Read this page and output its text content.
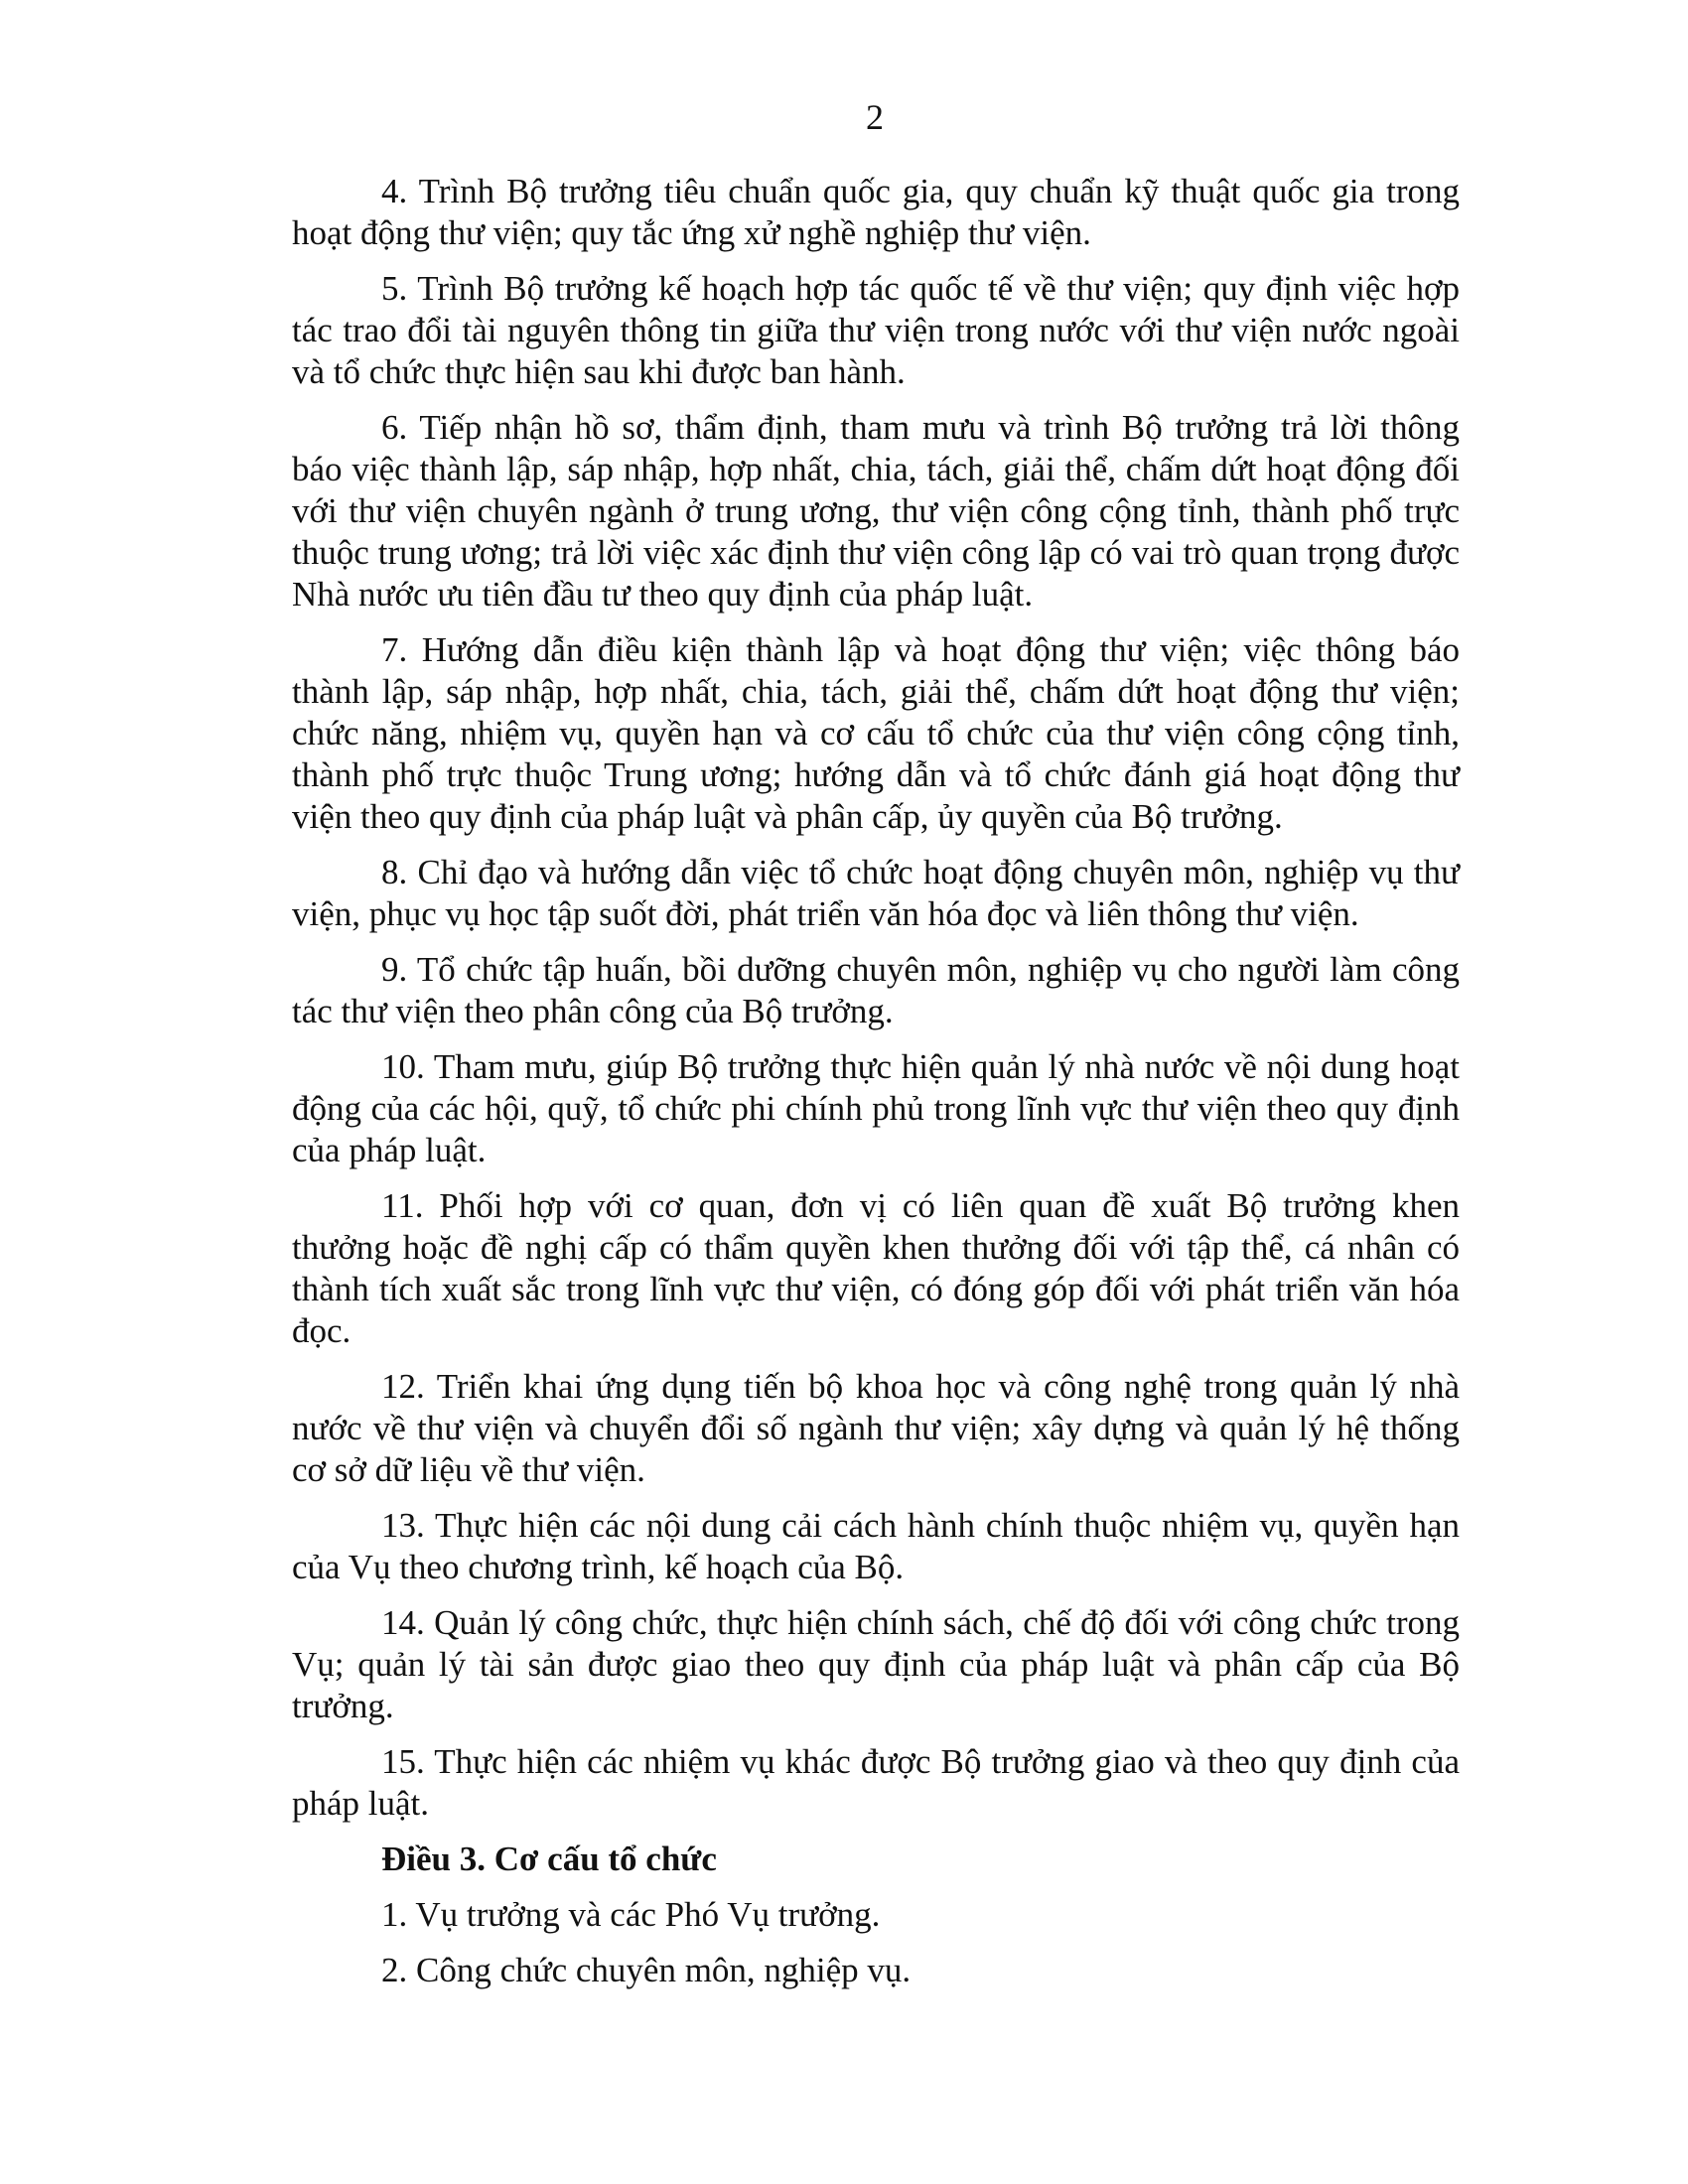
2

4. Trình Bộ trưởng tiêu chuẩn quốc gia, quy chuẩn kỹ thuật quốc gia trong hoạt động thư viện; quy tắc ứng xử nghề nghiệp thư viện.

5. Trình Bộ trưởng kế hoạch hợp tác quốc tế về thư viện; quy định việc hợp tác trao đổi tài nguyên thông tin giữa thư viện trong nước với thư viện nước ngoài và tổ chức thực hiện sau khi được ban hành.

6. Tiếp nhận hồ sơ, thẩm định, tham mưu và trình Bộ trưởng trả lời thông báo việc thành lập, sáp nhập, hợp nhất, chia, tách, giải thể, chấm dứt hoạt động đối với thư viện chuyên ngành ở trung ương, thư viện công cộng tỉnh, thành phố trực thuộc trung ương; trả lời việc xác định thư viện công lập có vai trò quan trọng được Nhà nước ưu tiên đầu tư theo quy định của pháp luật.

7. Hướng dẫn điều kiện thành lập và hoạt động thư viện; việc thông báo thành lập, sáp nhập, hợp nhất, chia, tách, giải thể, chấm dứt hoạt động thư viện; chức năng, nhiệm vụ, quyền hạn và cơ cấu tổ chức của thư viện công cộng tỉnh, thành phố trực thuộc Trung ương; hướng dẫn và tổ chức đánh giá hoạt động thư viện theo quy định của pháp luật và phân cấp, ủy quyền của Bộ trưởng.

8. Chỉ đạo và hướng dẫn việc tổ chức hoạt động chuyên môn, nghiệp vụ thư viện, phục vụ học tập suốt đời, phát triển văn hóa đọc và liên thông thư viện.

9. Tổ chức tập huấn, bồi dưỡng chuyên môn, nghiệp vụ cho người làm công tác thư viện theo phân công của Bộ trưởng.

10. Tham mưu, giúp Bộ trưởng thực hiện quản lý nhà nước về nội dung hoạt động của các hội, quỹ, tổ chức phi chính phủ trong lĩnh vực thư viện theo quy định của pháp luật.

11. Phối hợp với cơ quan, đơn vị có liên quan đề xuất Bộ trưởng khen thưởng hoặc đề nghị cấp có thẩm quyền khen thưởng đối với tập thể, cá nhân có thành tích xuất sắc trong lĩnh vực thư viện, có đóng góp đối với phát triển văn hóa đọc.

12. Triển khai ứng dụng tiến bộ khoa học và công nghệ trong quản lý nhà nước về thư viện và chuyển đổi số ngành thư viện; xây dựng và quản lý hệ thống cơ sở dữ liệu về thư viện.

13. Thực hiện các nội dung cải cách hành chính thuộc nhiệm vụ, quyền hạn của Vụ theo chương trình, kế hoạch của Bộ.

14. Quản lý công chức, thực hiện chính sách, chế độ đối với công chức trong Vụ; quản lý tài sản được giao theo quy định của pháp luật và phân cấp của Bộ trưởng.

15. Thực hiện các nhiệm vụ khác được Bộ trưởng giao và theo quy định của pháp luật.

Điều 3. Cơ cấu tổ chức

1. Vụ trưởng và các Phó Vụ trưởng.

2. Công chức chuyên môn, nghiệp vụ.
